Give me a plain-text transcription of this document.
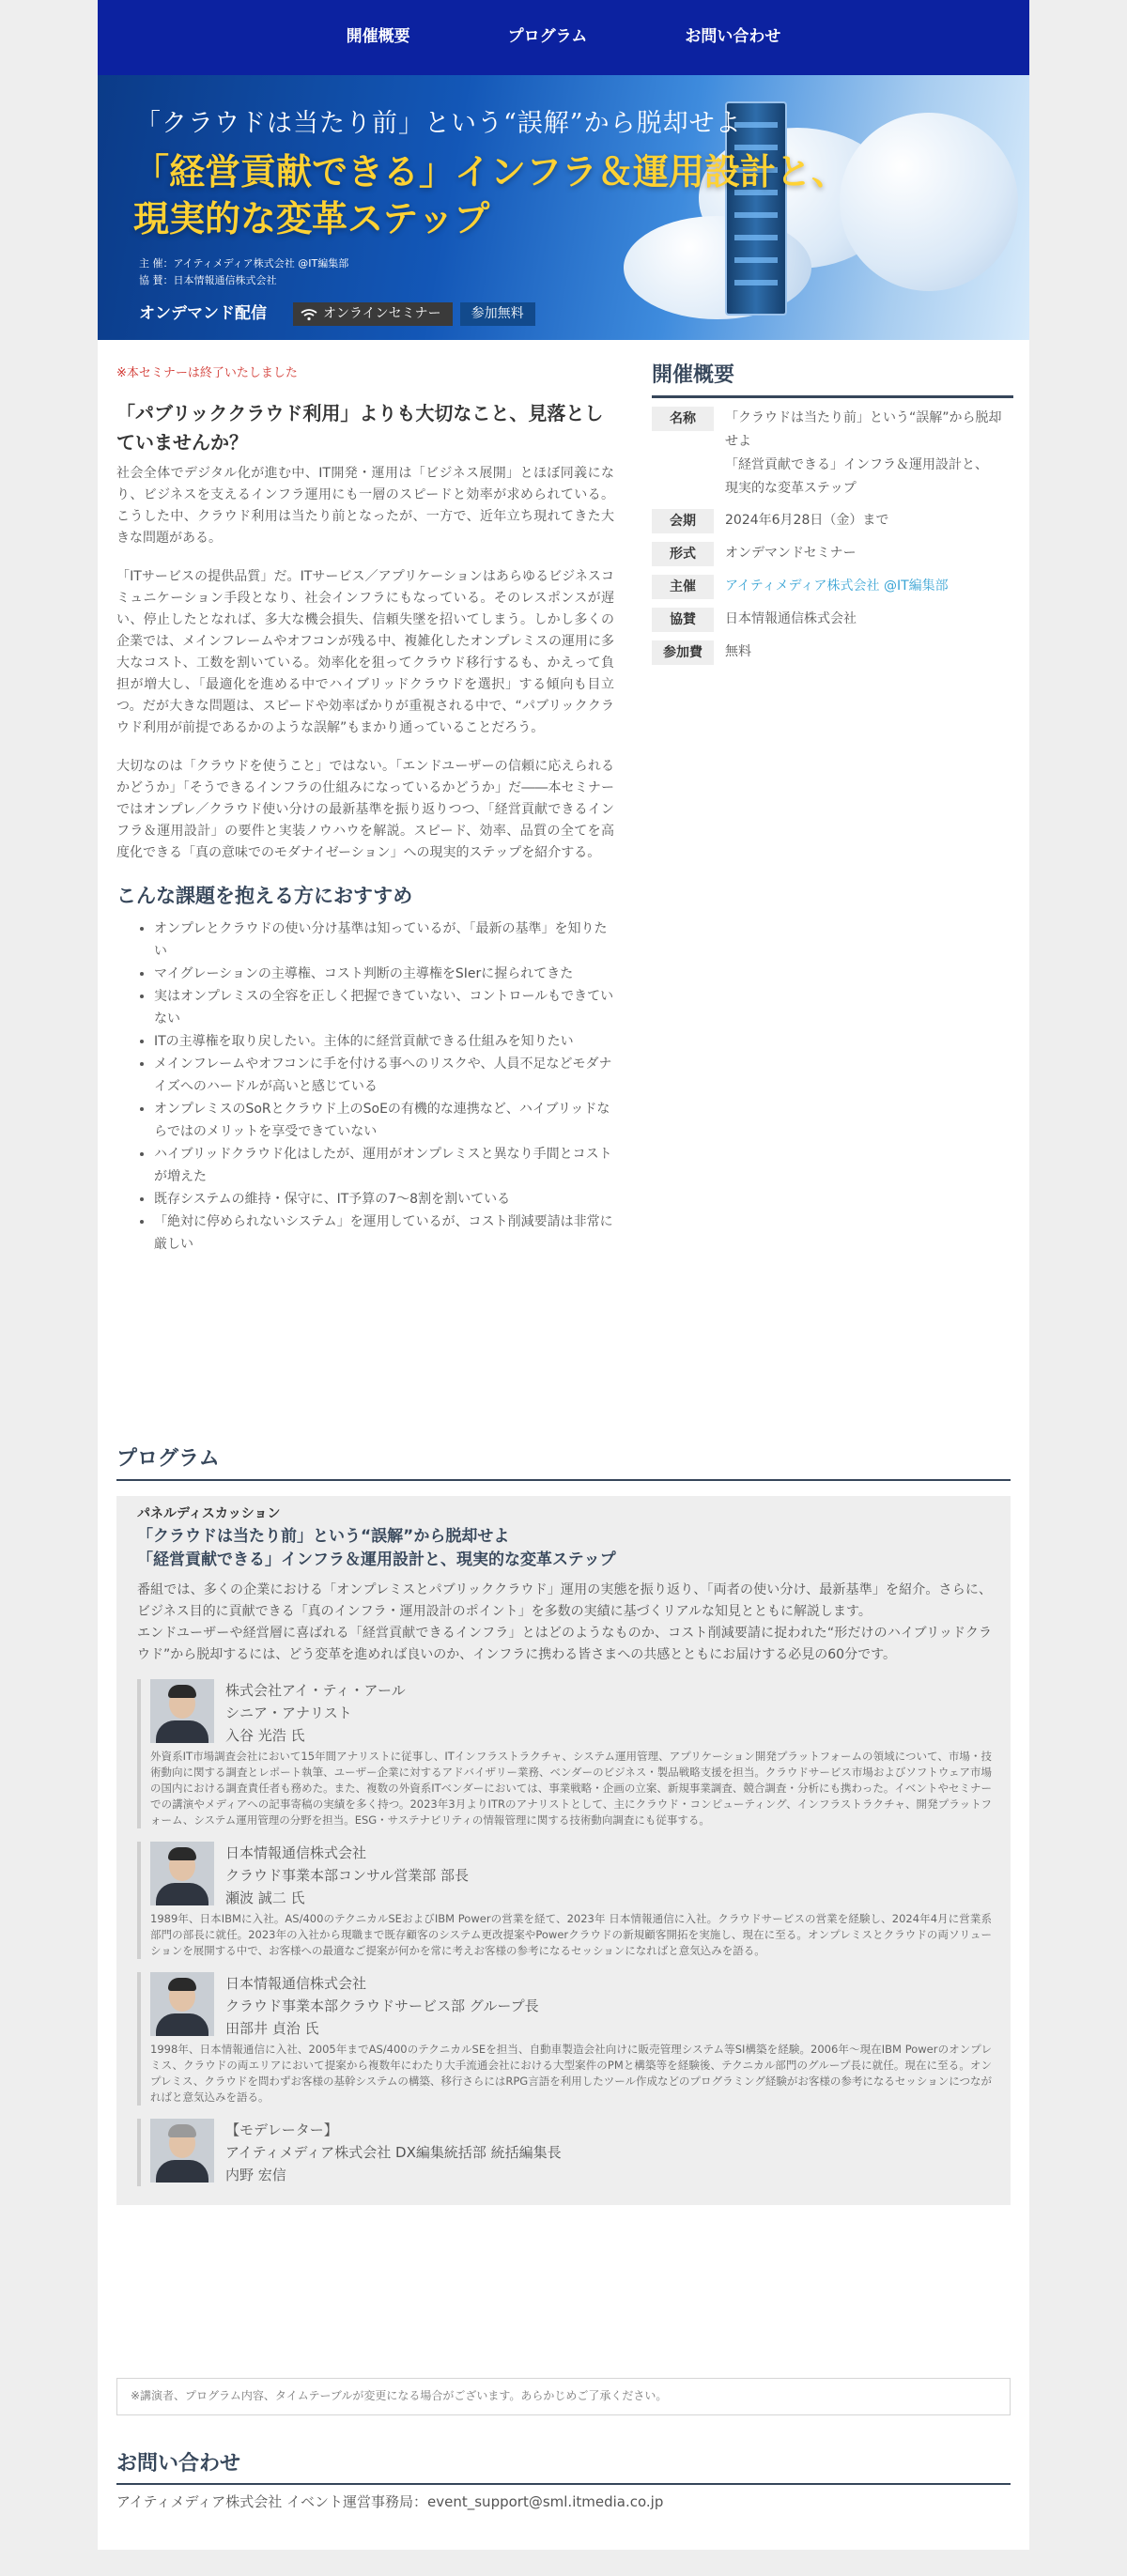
開催概要	プログラム	お問い合わせ
「クラウドは当たり前」という“誤解”から脱却せよ
「経営貢献できる」インフラ＆運用設計と、
現実的な変革ステップ
主 催：アイティメディア株式会社 @IT編集部
協 賛：日本情報通信株式会社
オンデマンド配信	オンラインセミナー	参加無料
※本セミナーは終了いたしました
「パブリッククラウド利用」よりも大切なこと、見落としていませんか？

社会全体でデジタル化が進む中、IT開発・運用は「ビジネス展開」とほぼ同義になり、ビジネスを支えるインフラ運用にも一層のスピードと効率が求められている。こうした中、クラウド利用は当たり前となったが、一方で、近年立ち現れてきた大きな問題がある。

「ITサービスの提供品質」だ。ITサービス／アプリケーションはあらゆるビジネスコミュニケーション手段となり、社会インフラにもなっている。そのレスポンスが遅い、停止したとなれば、多大な機会損失、信頼失墜を招いてしまう。しかし多くの企業では、メインフレームやオフコンが残る中、複雑化したオンプレミスの運用に多大なコスト、工数を割いている。効率化を狙ってクラウド移行するも、かえって負担が増大し、「最適化を進める中でハイブリッドクラウドを選択」する傾向も目立つ。だが大きな問題は、スピードや効率ばかりが重視される中で、“パブリッククラウド利用が前提であるかのような誤解”もまかり通っていることだろう。

大切なのは「クラウドを使うこと」ではない。「エンドユーザーの信頼に応えられるかどうか」「そうできるインフラの仕組みになっているかどうか」だ――本セミナーではオンプレ／クラウド使い分けの最新基準を振り返りつつ、「経営貢献できるインフラ＆運用設計」の要件と実装ノウハウを解説。スピード、効率、品質の全てを高度化できる「真の意味でのモダナイゼーション」への現実的ステップを紹介する。

こんな課題を抱える方におすすめ
• オンプレとクラウドの使い分け基準は知っているが、「最新の基準」を知りたい
• マイグレーションの主導権、コスト判断の主導権をSIerに握られてきた
• 実はオンプレミスの全容を正しく把握できていない、コントロールもできていない
• ITの主導権を取り戻したい。主体的に経営貢献できる仕組みを知りたい
• メインフレームやオフコンに手を付ける事へのリスクや、人員不足などモダナイズへのハードルが高いと感じている
• オンプレミスのSoRとクラウド上のSoEの有機的な連携など、ハイブリッドならではのメリットを享受できていない
• ハイブリッドクラウド化はしたが、運用がオンプレミスと異なり手間とコストが増えた
• 既存システムの維持・保守に、IT予算の7～8割を割いている
• 「絶対に停められないシステム」を運用しているが、コスト削減要請は非常に厳しい
開催概要
名称	「クラウドは当たり前」という“誤解”から脱却せよ
「経営貢献できる」インフラ＆運用設計と、
現実的な変革ステップ
会期	2024年6月28日（金）まで
形式	オンデマンドセミナー
主催	アイティメディア株式会社 @IT編集部
協賛	日本情報通信株式会社
参加費	無料
プログラム
パネルディスカッション
「クラウドは当たり前」という“誤解”から脱却せよ
「経営貢献できる」インフラ＆運用設計と、現実的な変革ステップ
番組では、多くの企業における「オンプレミスとパブリッククラウド」運用の実態を振り返り、「両者の使い分け、最新基準」を紹介。さらに、ビジネス目的に貢献できる「真のインフラ・運用設計のポイント」を多数の実績に基づくリアルな知見とともに解説します。
エンドユーザーや経営層に喜ばれる「経営貢献できるインフラ」とはどのようなものか、コスト削減要請に捉われた“形だけのハイブリッドクラウド”から脱却するには、どう変革を進めれば良いのか、インフラに携わる皆さまへの共感とともにお届けする必見の60分です。
株式会社アイ・ティ・アール
シニア・アナリスト
入谷 光浩 氏
外資系IT市場調査会社において15年間アナリストに従事し、ITインフラストラクチャ、システム運用管理、アプリケーション開発プラットフォームの領域について、市場・技術動向に関する調査とレポート執筆、ユーザー企業に対するアドバイザリー業務、ベンダーのビジネス・製品戦略支援を担当。クラウドサービス市場およびソフトウェア市場の国内における調査責任者も務めた。また、複数の外資系ITベンダーにおいては、事業戦略・企画の立案、新規事業調査、競合調査・分析にも携わった。イベントやセミナーでの講演やメディアへの記事寄稿の実績を多く持つ。2023年3月よりITRのアナリストとして、主にクラウド・コンピューティング、インフラストラクチャ、開発プラットフォーム、システム運用管理の分野を担当。ESG・サステナビリティの情報管理に関する技術動向調査にも従事する。
日本情報通信株式会社
クラウド事業本部コンサル営業部 部長
瀬波 誠二 氏
1989年、日本IBMに入社。AS/400のテクニカルSEおよびIBM Powerの営業を経て、2023年 日本情報通信に入社。クラウドサービスの営業を経験し、2024年4月に営業系部門の部長に就任。2023年の入社から現職まで既存顧客のシステム更改提案やPowerクラウドの新規顧客開拓を実施し、現在に至る。オンプレミスとクラウドの両ソリューションを展開する中で、お客様への最適なご提案が何かを常に考えお客様の参考になるセッションになればと意気込みを語る。
日本情報通信株式会社
クラウド事業本部クラウドサービス部 グループ長
田部井 貞治 氏
1998年、日本情報通信に入社、2005年までAS/400のテクニカルSEを担当、自動車製造会社向けに販売管理システム等SI構築を経験。2006年～現在IBM Powerのオンプレミス、クラウドの両エリアにおいて提案から複数年にわたり大手流通会社における大型案件のPMと構築等を経験後、テクニカル部門のグループ長に就任。現在に至る。オンプレミス、クラウドを問わずお客様の基幹システムの構築、移行さらにはRPG言語を利用したツール作成などのプログラミング経験がお客様の参考になるセッションにつながればと意気込みを語る。
【モデレーター】
アイティメディア株式会社 DX編集統括部 統括編集長
内野 宏信
※講演者、プログラム内容、タイムテーブルが変更になる場合がございます。あらかじめご了承ください。
お問い合わせ
アイティメディア株式会社 イベント運営事務局：event_support@sml.itmedia.co.jp
